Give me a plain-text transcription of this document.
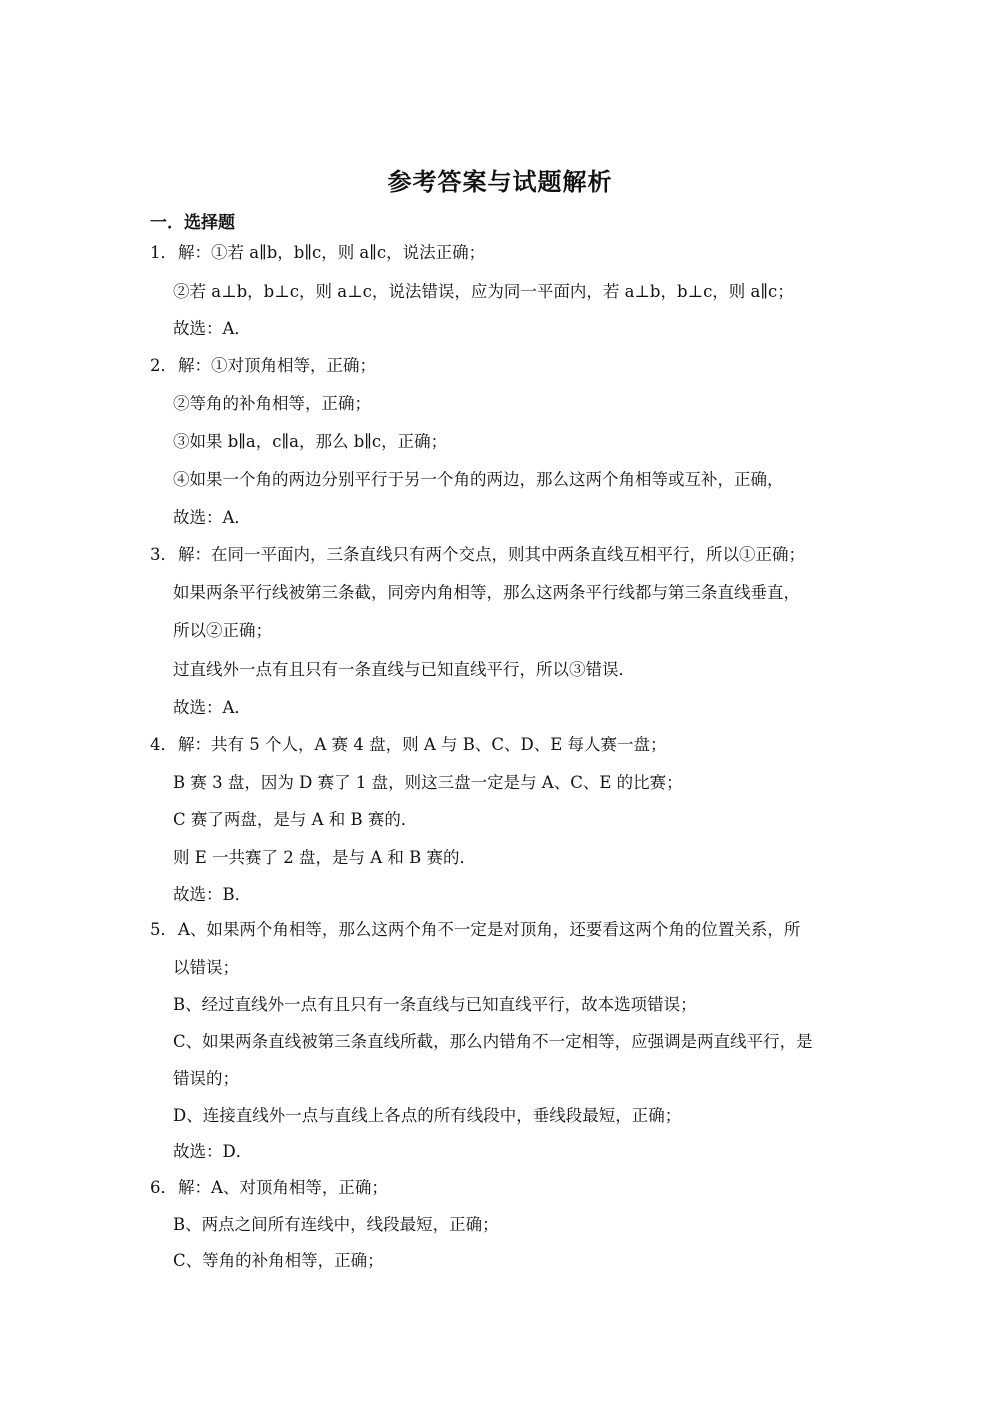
参考答案与试题解析
一．选择题
1． 解：①若 a∥b，b∥c，则 a∥c，说法正确；
②若 a⊥b，b⊥c，则 a⊥c，说法错误，应为同一平面内，若 a⊥b，b⊥c，则 a∥c；
故选：A．
2． 解：①对顶角相等，正确；
②等角的补角相等，正确；
③如果 b∥a，c∥a，那么 b∥c，正确；
④如果一个角的两边分别平行于另一个角的两边，那么这两个角相等或互补，正确，
故选：A．
3． 解：在同一平面内，三条直线只有两个交点，则其中两条直线互相平行，所以①正确；
如果两条平行线被第三条截，同旁内角相等，那么这两条平行线都与第三条直线垂直，
所以②正确；
过直线外一点有且只有一条直线与已知直线平行，所以③错误．
故选：A．
4． 解：共有 5 个人，A 赛 4 盘，则 A 与 B、C、D、E 每人赛一盘；
B 赛 3 盘，因为 D 赛了 1 盘，则这三盘一定是与 A、C、E 的比赛；
C 赛了两盘，是与 A 和 B 赛的．
则 E 一共赛了 2 盘，是与 A 和 B 赛的．
故选：B．
5． A、如果两个角相等，那么这两个角不一定是对顶角，还要看这两个角的位置关系，所
以错误；
B、经过直线外一点有且只有一条直线与已知直线平行，故本选项错误；
C、如果两条直线被第三条直线所截，那么内错角不一定相等，应强调是两直线平行，是
错误的；
D、连接直线外一点与直线上各点的所有线段中，垂线段最短，正确；
故选：D．
6． 解：A、对顶角相等，正确；
B、两点之间所有连线中，线段最短，正确；
C、等角的补角相等，正确；
